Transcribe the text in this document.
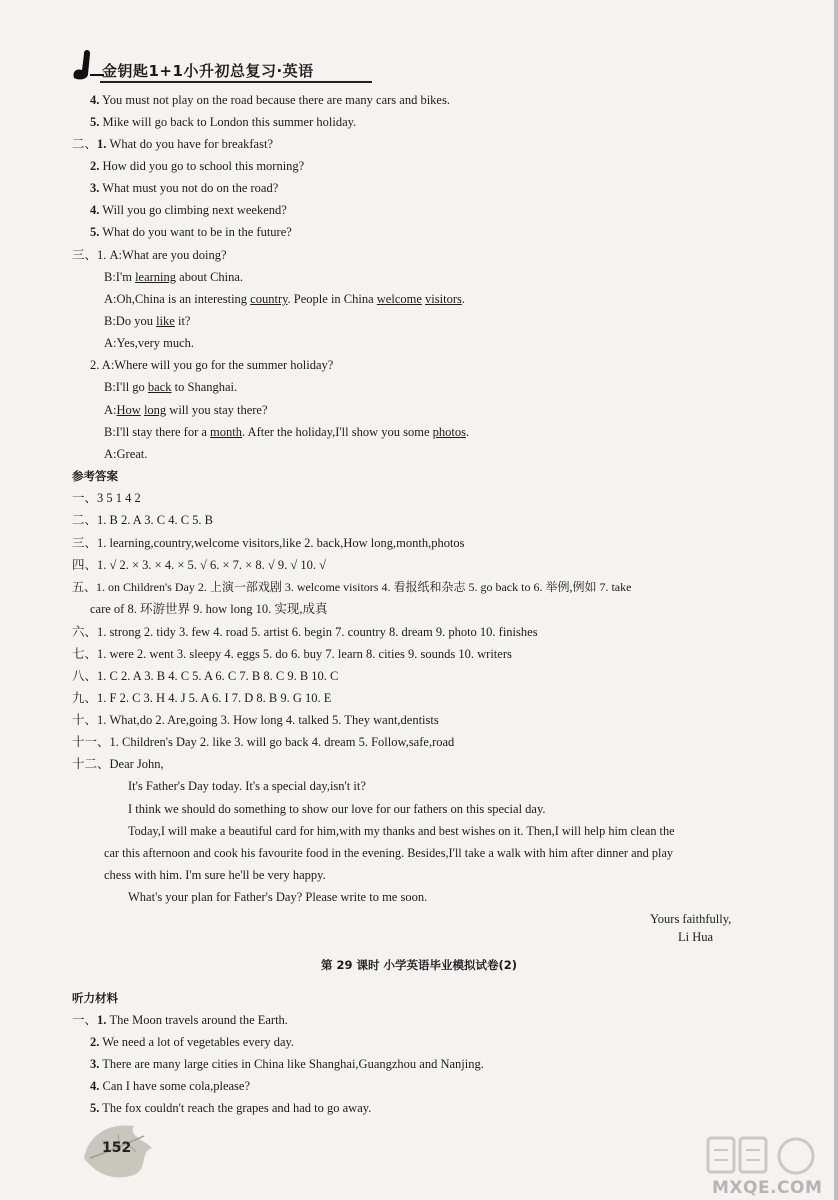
金钥匙1+1小升初总复习·英语
4. You must not play on the road because there are many cars and bikes.
5. Mike will go back to London this summer holiday.
二、1. What do you have for breakfast?
2. How did you go to school this morning?
3. What must you not do on the road?
4. Will you go climbing next weekend?
5. What do you want to be in the future?
三、1. A:What are you doing?
B:I'm learning about China.
A:Oh,China is an interesting country. People in China welcome visitors.
B:Do you like it?
A:Yes,very much.
2. A:Where will you go for the summer holiday?
B:I'll go back to Shanghai.
A:How long will you stay there?
B:I'll stay there for a month. After the holiday,I'll show you some photos.
A:Great.
参考答案
一、3 5 1 4 2
二、1. B 2. A 3. C 4. C 5. B
三、1. learning,country,welcome visitors,like 2. back,How long,month,photos
四、1. √ 2. × 3. × 4. × 5. √ 6. × 7. × 8. √ 9. √ 10. √
五、1. on Children's Day 2. 上演一部戏剧 3. welcome visitors 4. 看报纸和杂志 5. go back to 6. 举例,例如 7. take
care of 8. 环游世界 9. how long 10. 实现,成真
六、1. strong 2. tidy 3. few 4. road 5. artist 6. begin 7. country 8. dream 9. photo 10. finishes
七、1. were 2. went 3. sleepy 4. eggs 5. do 6. buy 7. learn 8. cities 9. sounds 10. writers
八、1. C 2. A 3. B 4. C 5. A 6. C 7. B 8. C 9. B 10. C
九、1. F 2. C 3. H 4. J 5. A 6. I 7. D 8. B 9. G 10. E
十、1. What,do 2. Are,going 3. How long 4. talked 5. They want,dentists
十一、1. Children's Day 2. like 3. will go back 4. dream 5. Follow,safe,road
十二、Dear John,
It's Father's Day today. It's a special day,isn't it?
I think we should do something to show our love for our fathers on this special day.
Today,I will make a beautiful card for him,with my thanks and best wishes on it. Then,I will help him clean the
car this afternoon and cook his favourite food in the evening. Besides,I'll take a walk with him after dinner and play
chess with him. I'm sure he'll be very happy.
What's your plan for Father's Day? Please write to me soon.
Yours faithfully,
Li Hua
第 29 课时 小学英语毕业模拟试卷(2)
听力材料
一、1. The Moon travels around the Earth.
2. We need a lot of vegetables every day.
3. There are many large cities in China like Shanghai,Guangzhou and Nanjing.
4. Can I have some cola,please?
5. The fox couldn't reach the grapes and had to go away.
152
MXQE.COM
